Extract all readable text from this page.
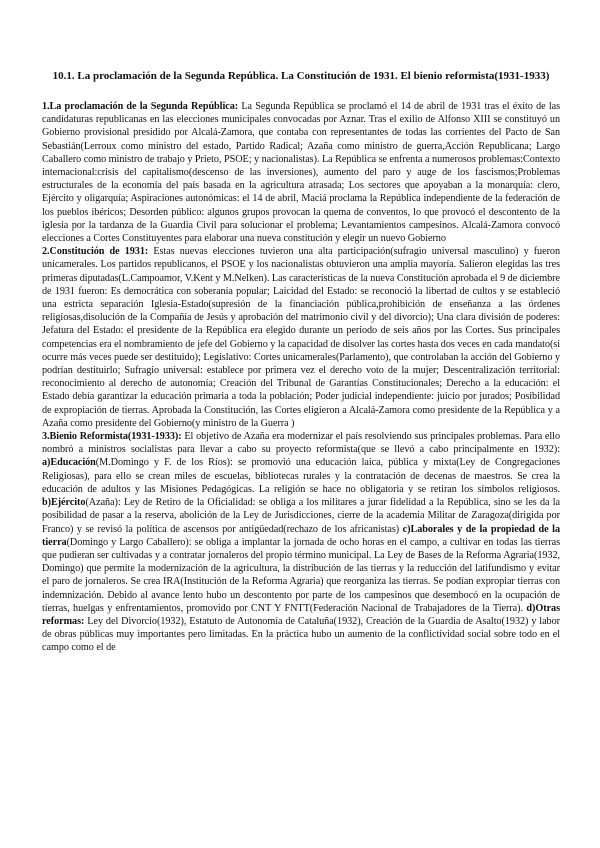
10.1. La proclamación de la Segunda República. La Constitución de 1931. El bienio reformista(1931-1933)

1.La proclamación de la Segunda República: La Segunda República se proclamó el 14 de abril de 1931 tras el éxito de las candidaturas republicanas en las elecciones municipales convocadas por Aznar. Tras el exilio de Alfonso XIII se constituyó un Gobierno provisional presidido por Alcalá-Zamora, que contaba con representantes de todas las corrientes del Pacto de San Sebastián(Lerroux como ministro del estado, Partido Radical; Azaña como ministro de guerra,Acción Republicana; Largo Caballero como ministro de trabajo y Prieto, PSOE; y nacionalistas). La República se enfrenta a numerosos problemas:Contexto internacional:crisis del capitalismo(descenso de las inversiones), aumento del paro y auge de los fascismos;Problemas estructurales de la economía del país basada en la agricultura atrasada; Los sectores que apoyaban a la monarquía: clero, Ejército y oligarquía; Aspiraciones autonómicas: el 14 de abril, Maciá proclama la República independiente de la federación de los pueblos ibéricos; Desorden público: algunos grupos provocan la quema de conventos, lo que provocó el descontento de la iglesia por la tardanza de la Guardia Civil para solucionar el problema; Levantamientos campesinos. Alcalá-Zamora convocó elecciones a Cortes Constituyentes para elaborar una nueva constitución y elegir un nuevo Gobierno

2.Constitución de 1931: Estas nuevas elecciones tuvieron una alta participación(sufragio universal masculino) y fueron unicamerales. Los partidos republicanos, el PSOE y los nacionalistas obtuvieron una amplia mayoría. Salieron elegidas las tres primeras diputadas(L.Campoamor, V.Kent y M.Nelken). Las características de la nueva Constitución aprobada el 9 de diciembre de 1931 fueron: Es democrática con soberanía popular; Laicidad del Estado: se reconoció la libertad de cultos y se estableció una estricta separación Iglesia-Estado(supresión de la financiación pública,prohibición de enseñanza a las órdenes religiosas,disolución de la Compañía de Jesús y aprobación del matrimonio civil y del divorcio); Una clara división de poderes: Jefatura del Estado: el presidente de la República era elegido durante un periodo de seis años por las Cortes. Sus principales competencias era el nombramiento de jefe del Gobierno y la capacidad de disolver las cortes hasta dos veces en cada mandato(si ocurre más veces puede ser destituido); Legislativo: Cortes unicamerales(Parlamento), que controlaban la acción del Gobierno y podrían destituirlo; Sufragio universal: establece por primera vez el derecho voto de la mujer; Descentralización territorial: reconocimiento al derecho de autonomía; Creación del Tribunal de Garantías Constitucionales; Derecho a la educación: el Estado debía garantizar la educación primaria a toda la población; Poder judicial independiente: juicio por jurados; Posibilidad de expropiación de tierras. Aprobada la Constitución, las Cortes eligieron a Alcalá-Zamora como presidente de la República y a Azaña como presidente del Gobierno(y ministro de la Guerra )

3.Bienio Reformista(1931-1933): El objetivo de Azaña era modernizar el país resolviendo sus principales problemas. Para ello nombró a ministros socialistas para llevar a cabo su proyecto reformista(que se llevó a cabo principalmente en 1932): a)Educación(M.Domingo y F. de los Ríos): se promovió una educación laica, pública y mixta(Ley de Congregaciones Religiosas), para ello se crean miles de escuelas, bibliotecas rurales y la contratación de decenas de maestros. Se crea la educación de adultos y las Misiones Pedagógicas. La religión se hace no obligatoria y se retiran los símbolos religiosos. b)Ejército(Azaña): Ley de Retiro de la Oficialidad: se obliga a los militares a jurar fidelidad a la República, sino se les da la posibilidad de pasar a la reserva, abolición de la Ley de Jurisdicciones, cierre de la academia Militar de Zaragoza(dirigida por Franco) y se revisó la política de ascensos por antigüedad(rechazo de los africanistas) c)Laborales y de la propiedad de la tierra(Domingo y Largo Caballero): se obliga a implantar la jornada de ocho horas en el campo, a cultivar en todas las tierras que pudieran ser cultivadas y a contratar jornaleros del propio término municipal. La Ley de Bases de la Reforma Agraria(1932, Domingo) que permite la modernización de la agricultura, la distribución de las tierras y la reducción del latifundismo y evitar el paro de jornaleros. Se crea IRA(Institución de la Reforma Agraria) que reorganiza las tierras. Se podían expropiar tierras con indemnización. Debido al avance lento hubo un descontento por parte de los campesinos que desembocó en la ocupación de tierras, huelgas y enfrentamientos, promovido por CNT Y FNTT(Federación Nacional de Trabajadores de la Tierra). d)Otras reformas: Ley del Divorcio(1932), Estatuto de Autonomía de Cataluña(1932), Creación de la Guardia de Asalto(1932) y labor de obras públicas muy importantes pero limitadas. En la práctica hubo un aumento de la conflictividad social sobre todo en el campo como el de
